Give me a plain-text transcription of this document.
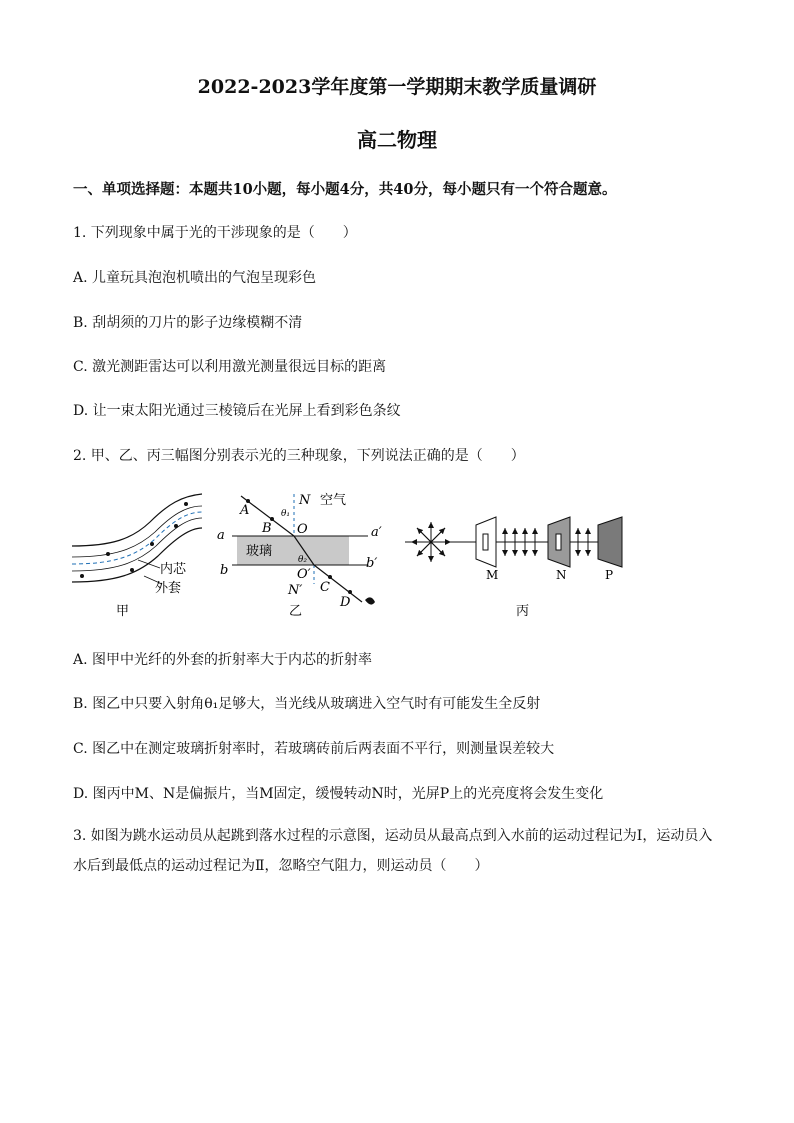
2022-2023学年度第一学期期末教学质量调研
高二物理
一、单项选择题：本题共10小题，每小题4分，共40分，每小题只有一个符合题意。
1. 下列现象中属于光的干涉现象的是（　　）
A. 儿童玩具泡泡机喷出的气泡呈现彩色
B. 刮胡须的刀片的影子边缘模糊不清
C. 激光测距雷达可以利用激光测量很远目标的距离
D. 让一束太阳光通过三棱镜后在光屏上看到彩色条纹
2. 甲、乙、丙三幅图分别表示光的三种现象，下列说法正确的是（　　）
内芯
外套
甲
N 空气
A
B
θ₁
O
a	a′
玻璃
θ₂
b	b′
O′
C
N′
D
乙
M	N	P
丙
A. 图甲中光纤的外套的折射率大于内芯的折射率
B. 图乙中只要入射角θ₁足够大，当光线从玻璃进入空气时有可能发生全反射
C. 图乙中在测定玻璃折射率时，若玻璃砖前后两表面不平行，则测量误差较大
D. 图丙中M、N是偏振片，当M固定，缓慢转动N时，光屏P上的光亮度将会发生变化
3. 如图为跳水运动员从起跳到落水过程的示意图，运动员从最高点到入水前的运动过程记为Ⅰ，运动员入水后到最低点的运动过程记为Ⅱ，忽略空气阻力，则运动员（　　）
